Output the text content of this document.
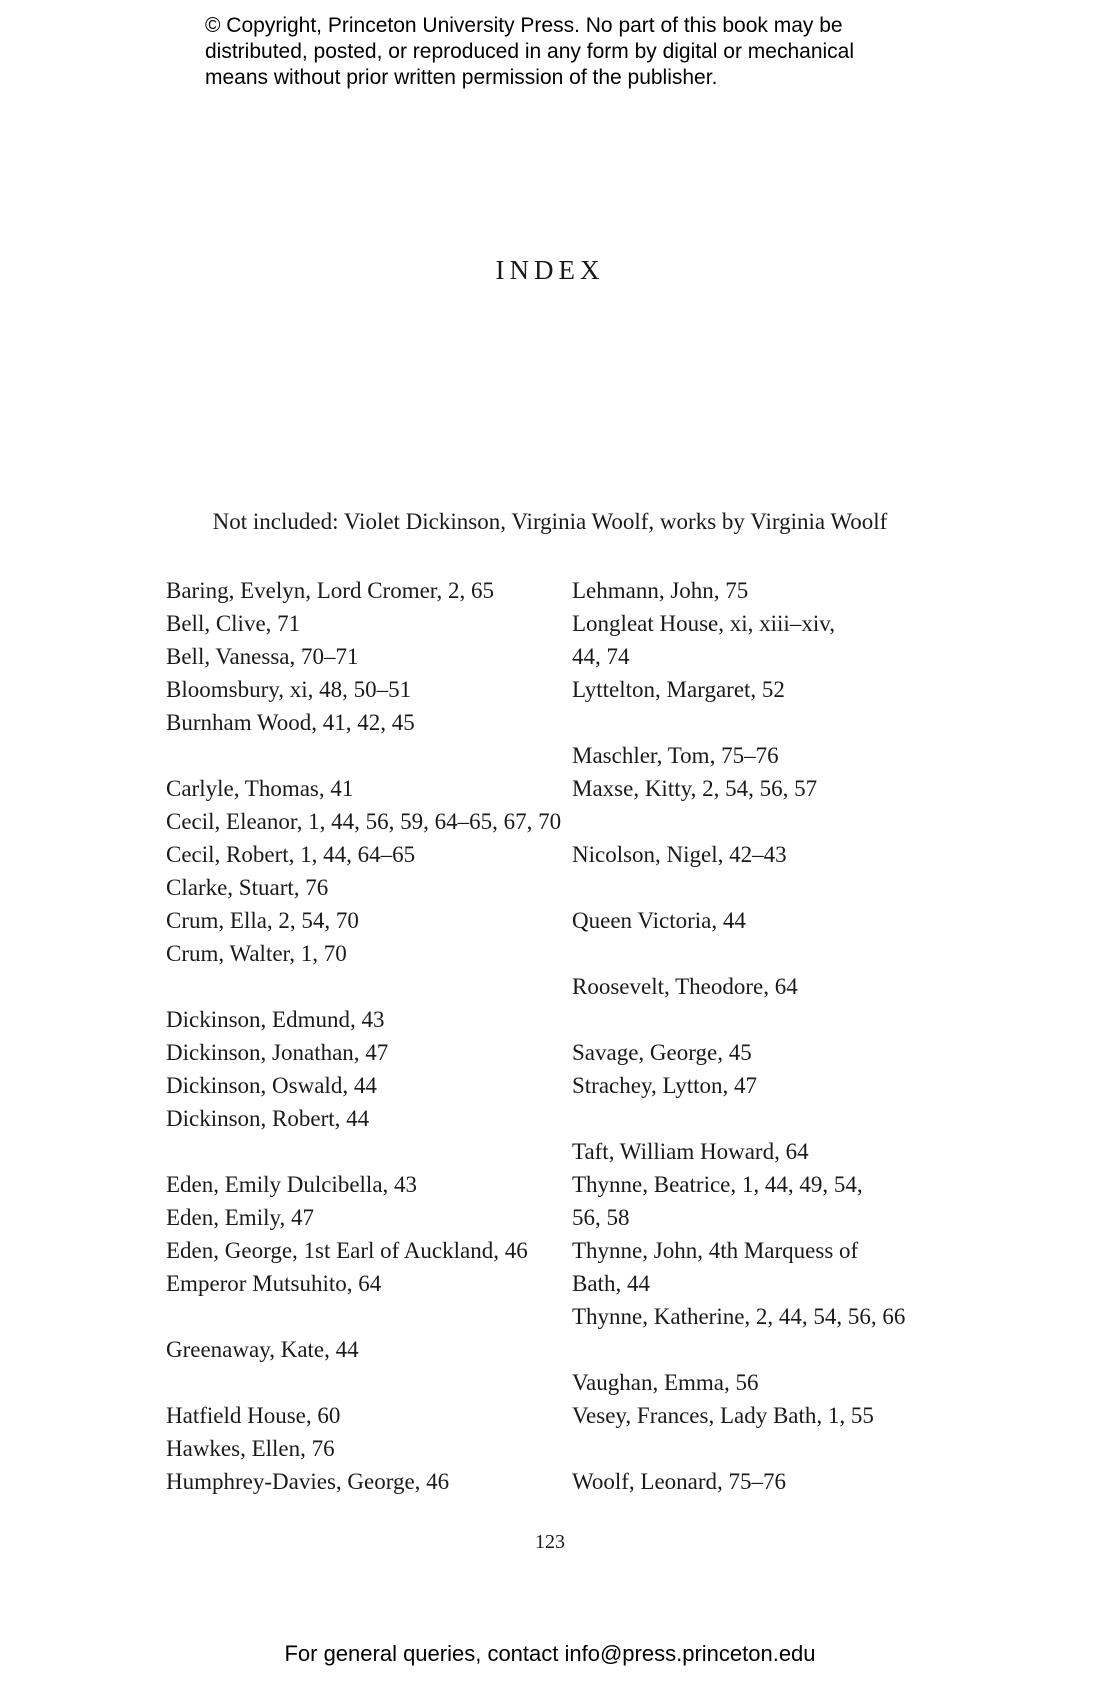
© Copyright, Princeton University Press. No part of this book may be
distributed, posted, or reproduced in any form by digital or mechanical
means without prior written permission of the publisher.
INDEX
Not included: Violet Dickinson, Virginia Woolf, works by Virginia Woolf
Baring, Evelyn, Lord Cromer, 2, 65
Bell, Clive, 71
Bell, Vanessa, 70–71
Bloomsbury, xi, 48, 50–51
Burnham Wood, 41, 42, 45
Carlyle, Thomas, 41
Cecil, Eleanor, 1, 44, 56, 59, 64–65, 67, 70
Cecil, Robert, 1, 44, 64–65
Clarke, Stuart, 76
Crum, Ella, 2, 54, 70
Crum, Walter, 1, 70
Dickinson, Edmund, 43
Dickinson, Jonathan, 47
Dickinson, Oswald, 44
Dickinson, Robert, 44
Eden, Emily Dulcibella, 43
Eden, Emily, 47
Eden, George, 1st Earl of Auckland, 46
Emperor Mutsuhito, 64
Greenaway, Kate, 44
Hatfield House, 60
Hawkes, Ellen, 76
Humphrey-Davies, George, 46
Lehmann, John, 75
Longleat House, xi, xiii–xiv,
44, 74
Lyttelton, Margaret, 52
Maschler, Tom, 75–76
Maxse, Kitty, 2, 54, 56, 57
Nicolson, Nigel, 42–43
Queen Victoria, 44
Roosevelt, Theodore, 64
Savage, George, 45
Strachey, Lytton, 47
Taft, William Howard, 64
Thynne, Beatrice, 1, 44, 49, 54,
56, 58
Thynne, John, 4th Marquess of
Bath, 44
Thynne, Katherine, 2, 44, 54, 56, 66
Vaughan, Emma, 56
Vesey, Frances, Lady Bath, 1, 55
Woolf, Leonard, 75–76
123
For general queries, contact info@press.princeton.edu
